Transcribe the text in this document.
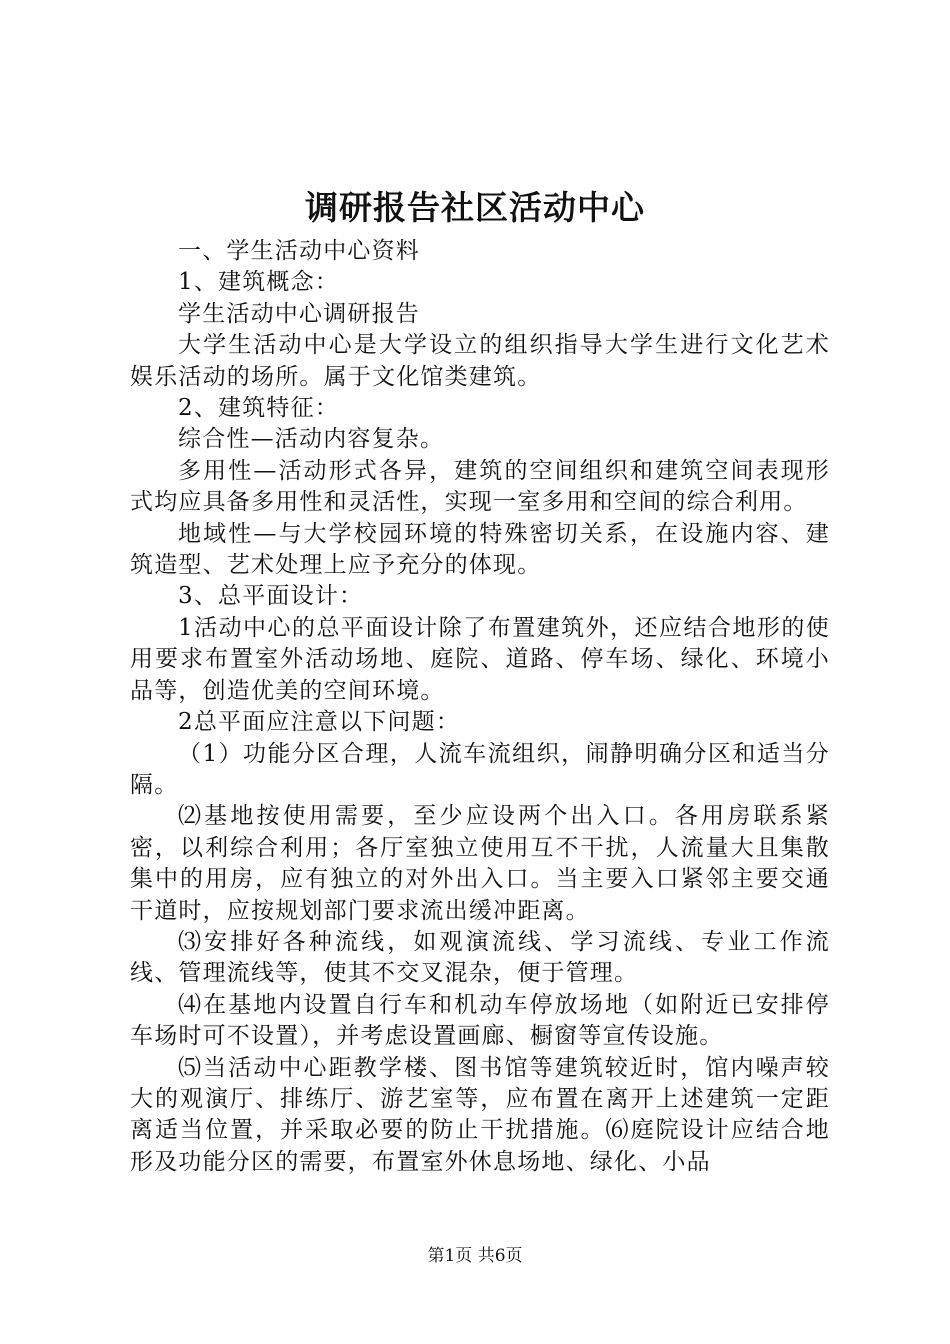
调研报告社区活动中心

一、学生活动中心资料

1、建筑概念：

学生活动中心调研报告

大学生活动中心是大学设立的组织指导大学生进行文化艺术娱乐活动的场所。属于文化馆类建筑。

2、建筑特征：

综合性—活动内容复杂。

多用性—活动形式各异，建筑的空间组织和建筑空间表现形式均应具备多用性和灵活性，实现一室多用和空间的综合利用。

地域性—与大学校园环境的特殊密切关系，在设施内容、建筑造型、艺术处理上应予充分的体现。

3、总平面设计：

1活动中心的总平面设计除了布置建筑外，还应结合地形的使用要求布置室外活动场地、庭院、道路、停车场、绿化、环境小品等，创造优美的空间环境。

2总平面应注意以下问题：

（1）功能分区合理，人流车流组织，闹静明确分区和适当分隔。

⑵基地按使用需要，至少应设两个出入口。各用房联系紧密，以利综合利用；各厅室独立使用互不干扰，人流量大且集散集中的用房，应有独立的对外出入口。当主要入口紧邻主要交通干道时，应按规划部门要求流出缓冲距离。

⑶安排好各种流线，如观演流线、学习流线、专业工作流线、管理流线等，使其不交叉混杂，便于管理。

⑷在基地内设置自行车和机动车停放场地（如附近已安排停车场时可不设置），并考虑设置画廊、橱窗等宣传设施。

⑸当活动中心距教学楼、图书馆等建筑较近时，馆内噪声较大的观演厅、排练厅、游艺室等，应布置在离开上述建筑一定距离适当位置，并采取必要的防止干扰措施。⑹庭院设计应结合地形及功能分区的需要，布置室外休息场地、绿化、小品

第1页 共6页
